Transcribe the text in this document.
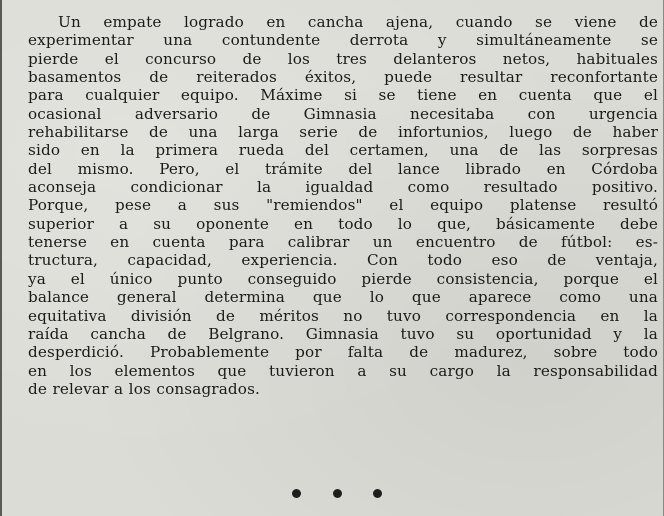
Un empate logrado en cancha ajena, cuando se viene de
experimentar una contundente derrota y simultáneamente se
pierde el concurso de los tres delanteros netos, habituales
basamentos de reiterados éxitos, puede resultar reconfortante
para cualquier equipo. Máxime si se tiene en cuenta que el
ocasional adversario de Gimnasia necesitaba con urgencia
rehabilitarse de una larga serie de infortunios, luego de haber
sido en la primera rueda del certamen, una de las sorpresas
del mismo. Pero, el trámite del lance librado en Córdoba
aconseja condicionar la igualdad como resultado positivo.
Porque, pese a sus "remiendos" el equipo platense resultó
superior a su oponente en todo lo que, básicamente debe
tenerse en cuenta para calibrar un encuentro de fútbol: es-
tructura, capacidad, experiencia. Con todo eso de ventaja,
ya el único punto conseguido pierde consistencia, porque el
balance general determina que lo que aparece como una
equitativa división de méritos no tuvo correspondencia en la
raída cancha de Belgrano. Gimnasia tuvo su oportunidad y la
desperdició. Probablemente por falta de madurez, sobre todo
en los elementos que tuvieron a su cargo la responsabilidad
de relevar a los consagrados.
